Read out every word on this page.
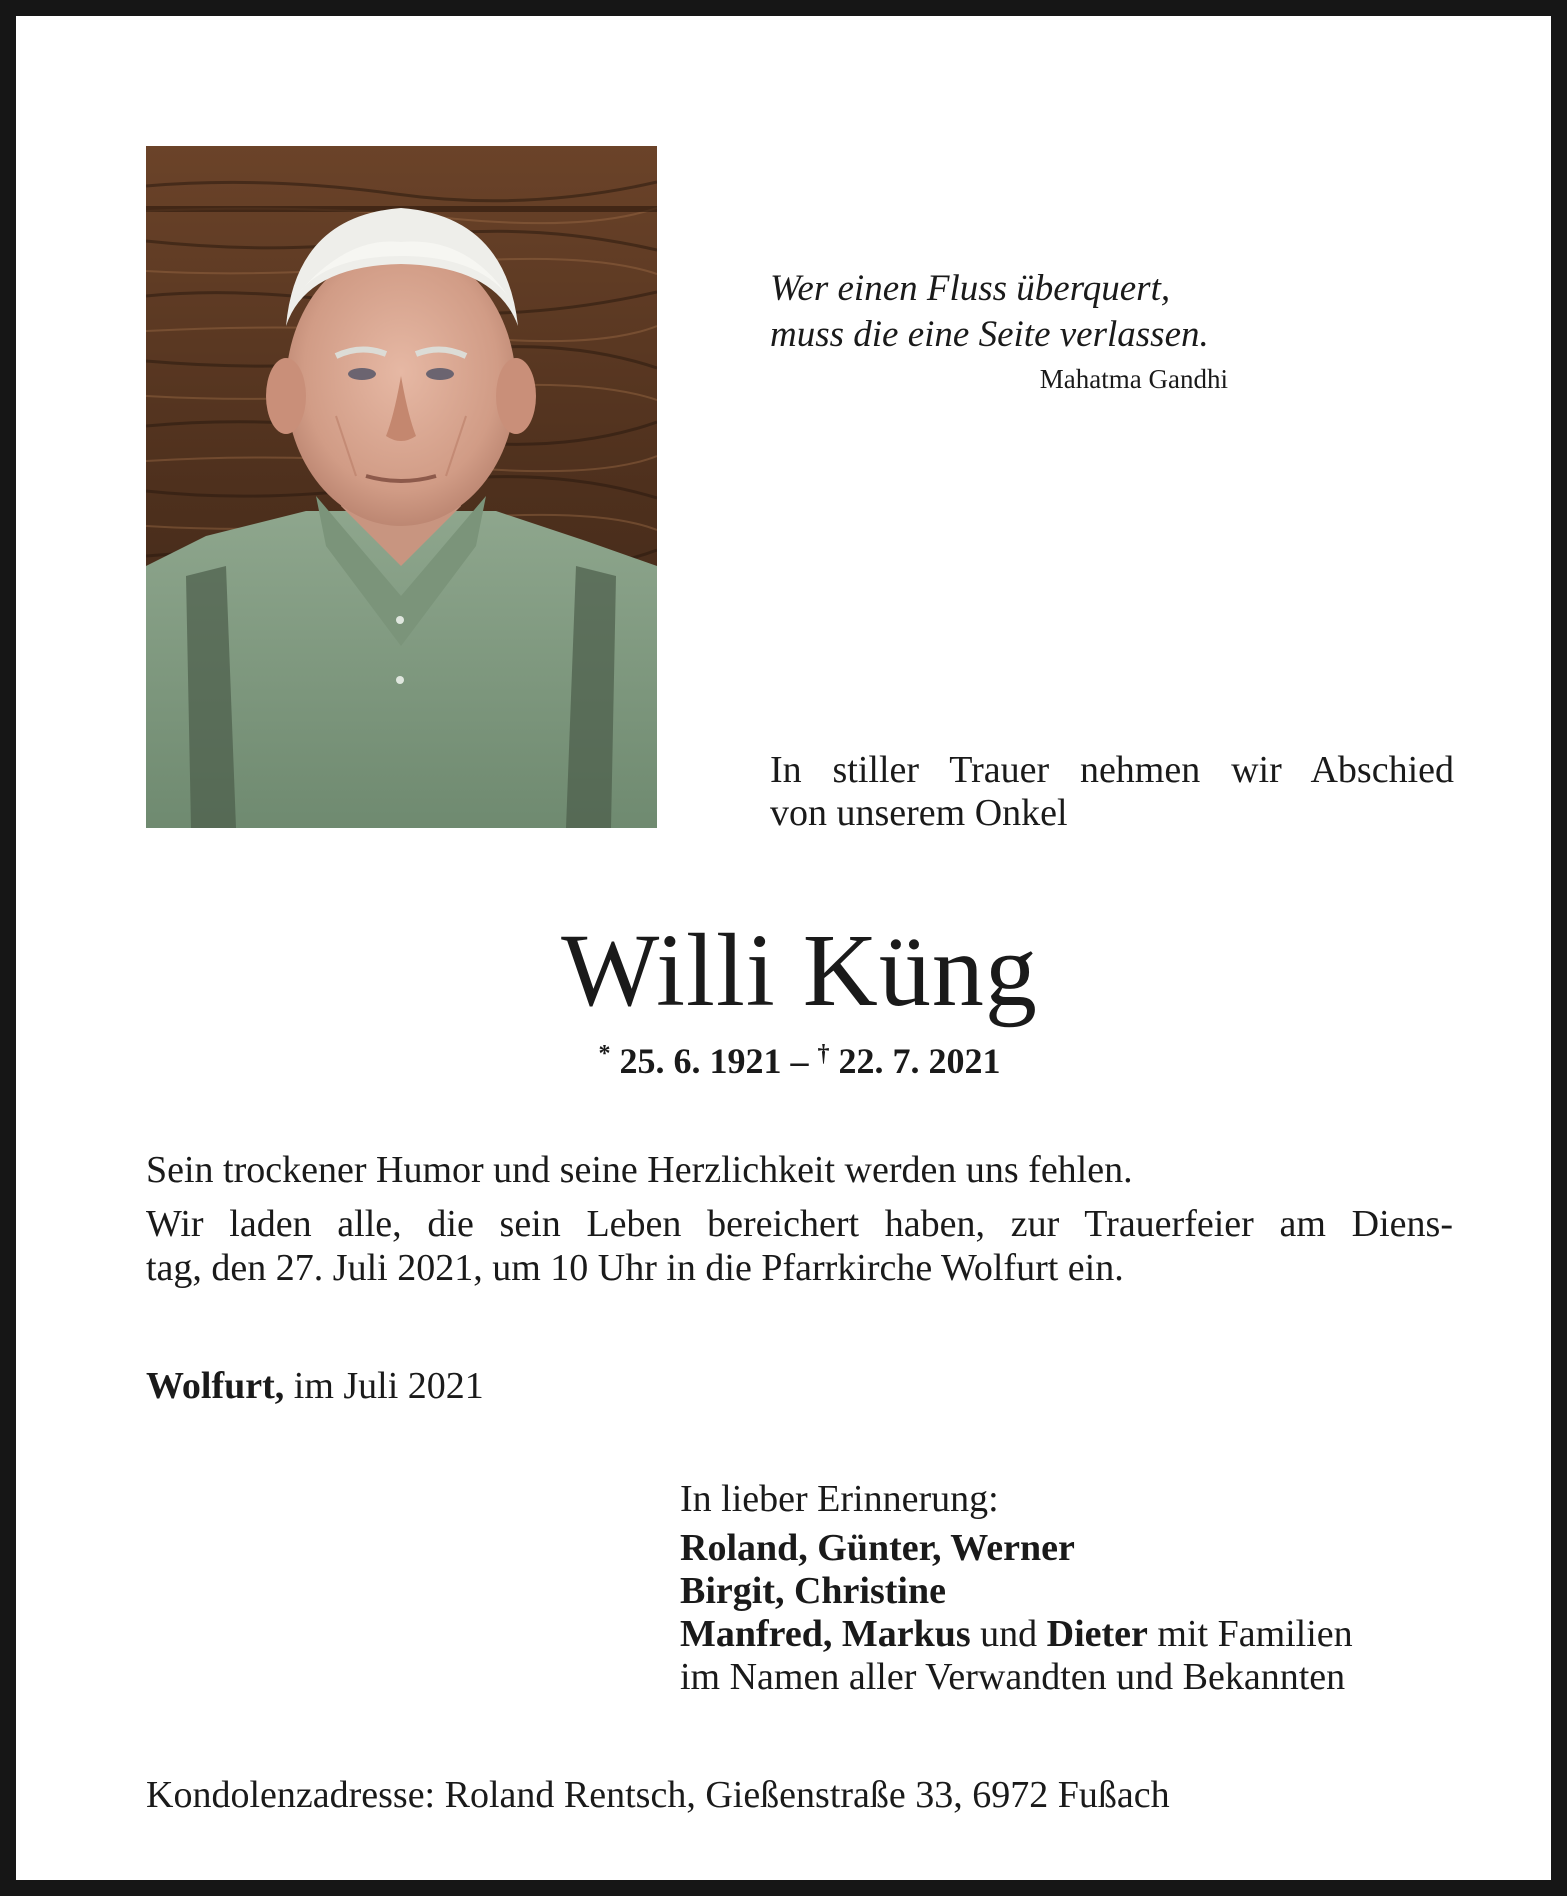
Wer einen Fluss überquert,
muss die eine Seite verlassen.
Mahatma Gandhi
In stiller Trauer nehmen wir Abschied
von unserem Onkel
Willi Küng
* 25. 6. 1921 – † 22. 7. 2021
Sein trockener Humor und seine Herzlichkeit werden uns fehlen.
Wir laden alle, die sein Leben bereichert haben, zur Trauerfeier am Diens-
tag, den 27. Juli 2021, um 10 Uhr in die Pfarrkirche Wolfurt ein.
Wolfurt, im Juli 2021
In lieber Erinnerung:
Roland, Günter, Werner
Birgit, Christine
Manfred, Markus und Dieter mit Familien
im Namen aller Verwandten und Bekannten
Kondolenzadresse: Roland Rentsch, Gießenstraße 33, 6972 Fußach
